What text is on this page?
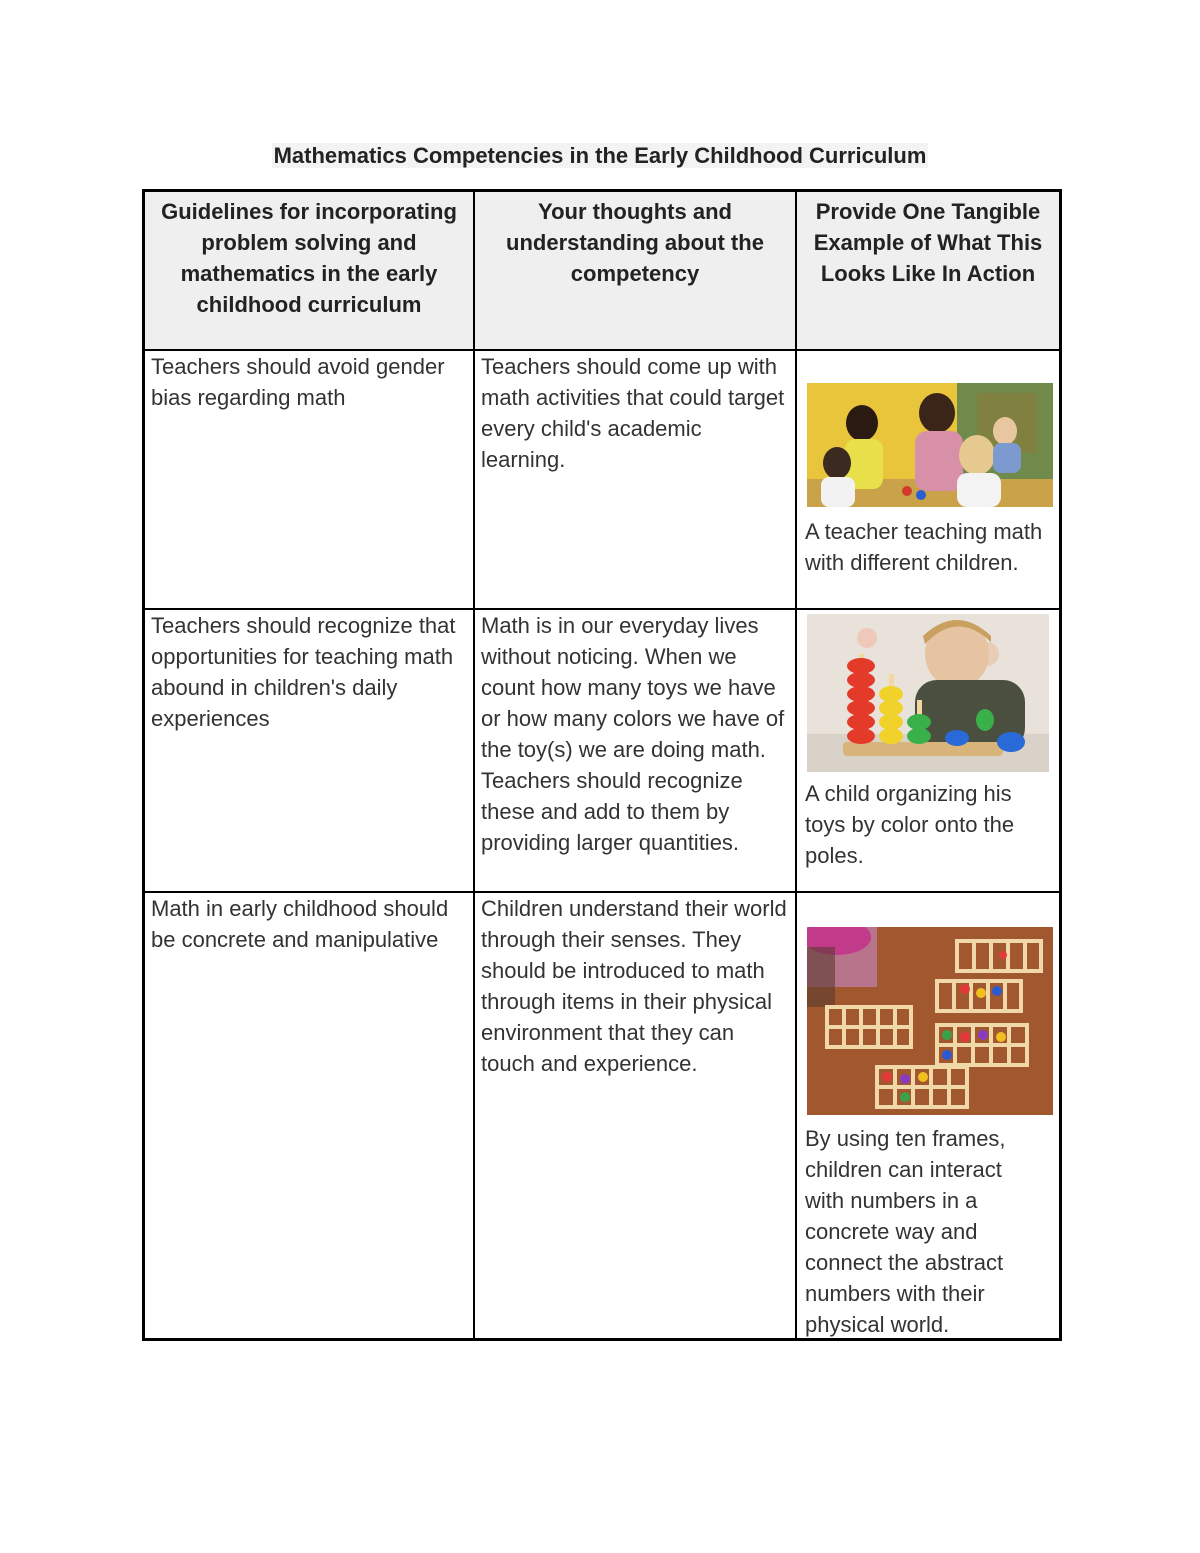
Mathematics Competencies in the Early Childhood Curriculum
Guidelines for incorporating problem solving and mathematics in the early childhood curriculum
Your thoughts and understanding about the competency
Provide One Tangible Example of What This Looks Like In Action
Teachers should avoid gender bias regarding math
Teachers should come up with math activities that could target every child's academic learning.
A teacher teaching math with different children.
Teachers should recognize that opportunities for teaching math abound in children's daily experiences
Math is in our everyday lives without noticing. When we count how many toys we have or how many colors we have of the toy(s) we are doing math. Teachers should recognize these and add to them by providing larger quantities.
A child organizing his toys by color onto the poles.
Math in early childhood should be concrete and manipulative
Children understand their world through their senses. They should be introduced to math through items in their physical environment that they can touch and experience.
By using ten frames, children can interact with numbers in a concrete way and connect the abstract numbers with their physical world.
